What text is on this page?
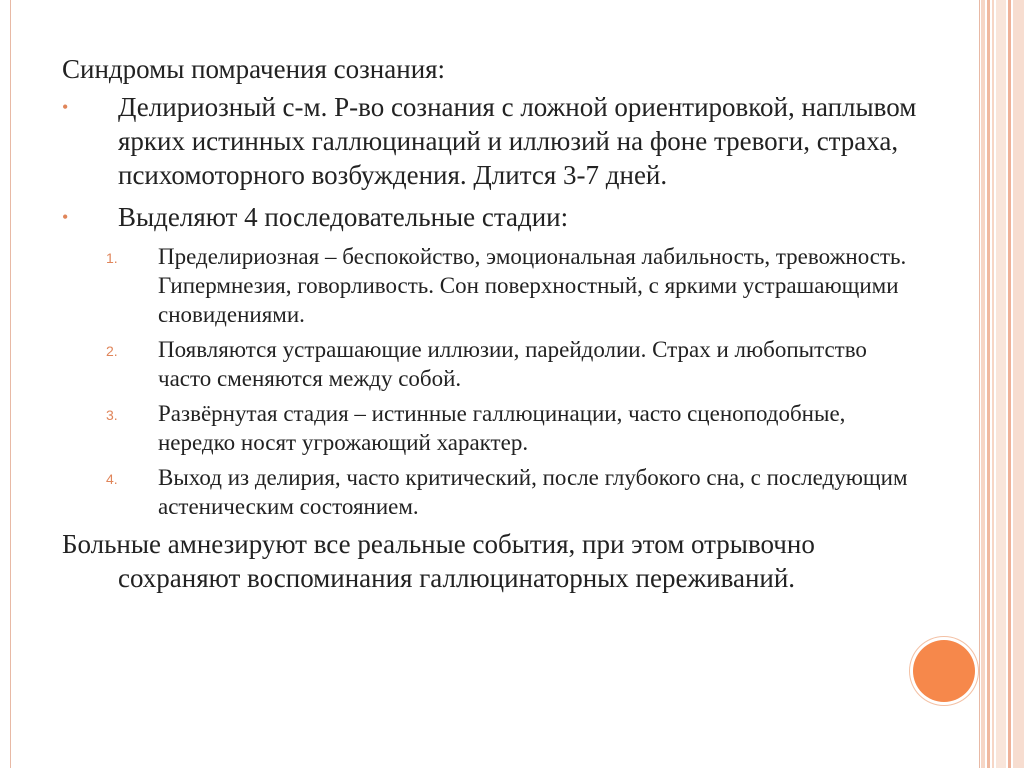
Синдромы помрачения сознания:
• Делириозный с-м. Р-во сознания с ложной ориентировкой, наплывом ярких истинных галлюцинаций и иллюзий на фоне тревоги, страха, психомоторного возбуждения. Длится 3-7 дней.
• Выделяют 4 последовательные стадии:
1. Пределириозная – беспокойство, эмоциональная лабильность, тревожность. Гипермнезия, говорливость. Сон поверхностный, с яркими устрашающими сновидениями.
2. Появляются устрашающие иллюзии, парейдолии. Страх и любопытство часто сменяются между собой.
3. Развёрнутая стадия – истинные галлюцинации, часто сценоподобные, нередко носят угрожающий характер.
4. Выход из делирия, часто критический, после глубокого сна, с последующим астеническим состоянием.
Больные амнезируют все реальные события, при этом отрывочно сохраняют воспоминания галлюцинаторных переживаний.
